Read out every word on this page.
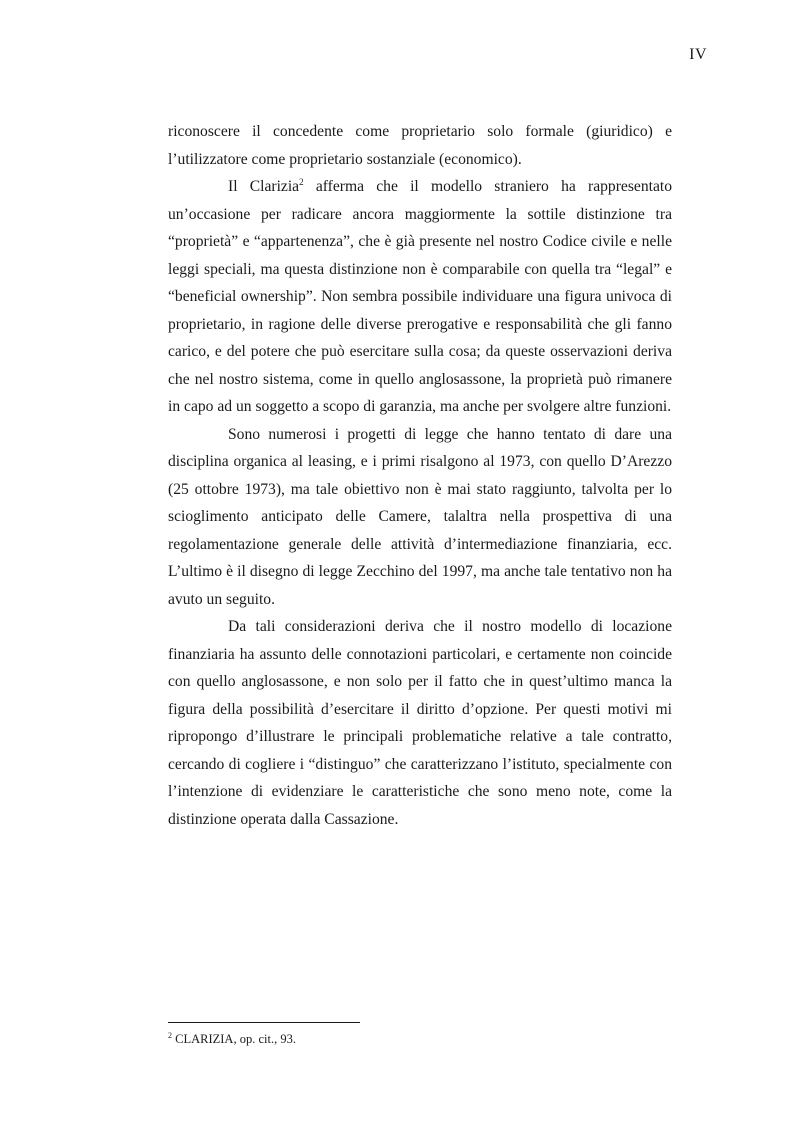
IV

riconoscere il concedente come proprietario solo formale (giuridico) e l’utilizzatore come proprietario sostanziale (economico).

Il Clarizia$^2$ afferma che il modello straniero ha rappresentato un’occasione per radicare ancora maggiormente la sottile distinzione tra “proprietà” e “appartenenza”, che è già presente nel nostro Codice civile e nelle leggi speciali, ma questa distinzione non è comparabile con quella tra “legal” e “beneficial ownership”. Non sembra possibile individuare una figura univoca di proprietario, in ragione delle diverse prerogative e responsabilità che gli fanno carico, e del potere che può esercitare sulla cosa; da queste osservazioni deriva che nel nostro sistema, come in quello anglosassone, la proprietà può rimanere in capo ad un soggetto a scopo di garanzia, ma anche per svolgere altre funzioni.

Sono numerosi i progetti di legge che hanno tentato di dare una disciplina organica al leasing, e i primi risalgono al 1973, con quello D’Arezzo (25 ottobre 1973), ma tale obiettivo non è mai stato raggiunto, talvolta per lo scioglimento anticipato delle Camere, talaltra nella prospettiva di una regolamentazione generale delle attività d’intermediazione finanziaria, ecc. L’ultimo è il disegno di legge Zecchino del 1997, ma anche tale tentativo non ha avuto un seguito.

Da tali considerazioni deriva che il nostro modello di locazione finanziaria ha assunto delle connotazioni particolari, e certamente non coincide con quello anglosassone, e non solo per il fatto che in quest’ultimo manca la figura della possibilità d’esercitare il diritto d’opzione. Per questi motivi mi ripropongo d’illustrare le principali problematiche relative a tale contratto, cercando di cogliere i “distinguo” che caratterizzano l’istituto, specialmente con l’intenzione di evidenziare le caratteristiche che sono meno note, come la distinzione operata dalla Cassazione.

$^2$ CLARIZIA, op. cit., 93.
